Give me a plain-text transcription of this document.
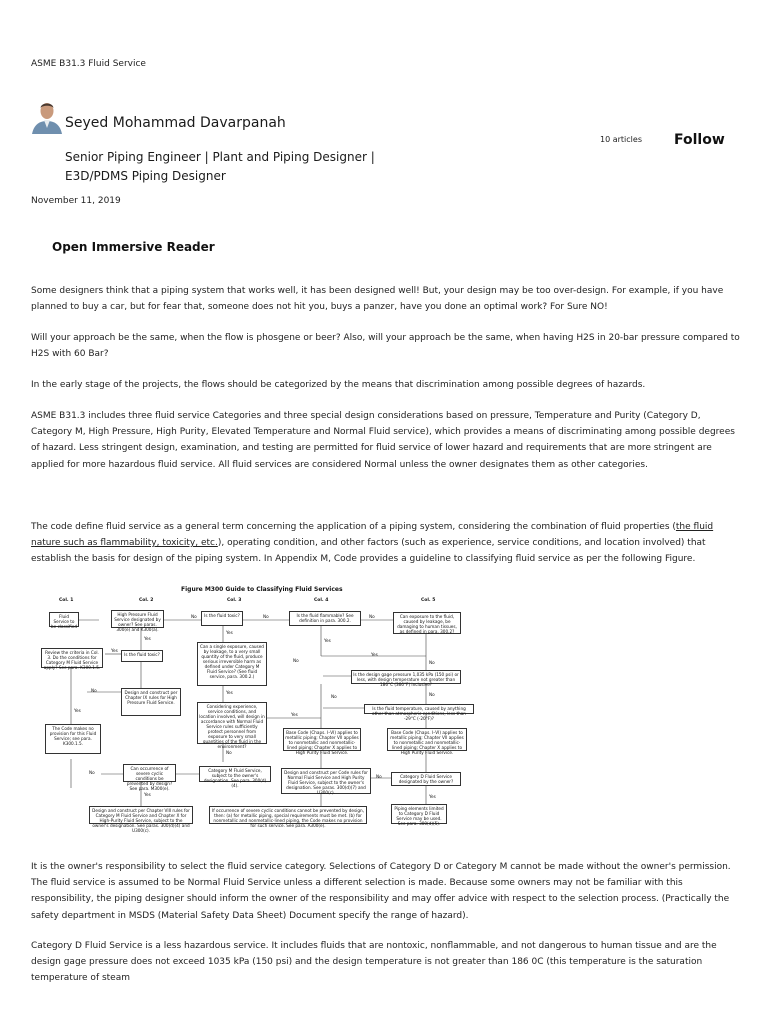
ASME B31.3 Fluid Service
Seyed Mohammad Davarpanah
10 articles Follow
Senior Piping Engineer | Plant and Piping Designer | E3D/PDMS Piping Designer
November 11, 2019
Open Immersive Reader

Some designers think that a piping system that works well, it has been designed well! But, your design may be too over-design. For example, if you have planned to buy a car, but for fear that, someone does not hit you, buys a panzer, have you done an optimal work? For Sure NO!

Will your approach be the same, when the flow is phosgene or beer? Also, will your approach be the same, when having H2S in 20-bar pressure compared to H2S with 60 Bar?

In the early stage of the projects, the flows should be categorized by the means that discrimination among possible degrees of hazards.

ASME B31.3 includes three fluid service Categories and three special design considerations based on pressure, Temperature and Purity (Category D, Category M, High Pressure, High Purity, Elevated Temperature and Normal Fluid service), which provides a means of discriminating among possible degrees of hazard. Less stringent design, examination, and testing are permitted for fluid service of lower hazard and requirements that are more stringent are applied for more hazardous fluid service. All fluid services are considered Normal unless the owner designates them as other categories.

The code define fluid service as a general term concerning the application of a piping system, considering the combination of fluid properties (the fluid nature such as flammability, toxicity, etc.), operating condition, and other factors (such as experience, service conditions, and location involved) that establish the basis for design of the piping system. In Appendix M, Code provides a guideline to classifying fluid service as per the following Figure.

Figure M300 Guide to Classifying Fluid Services
Col. 1	Col. 2	Col. 3	Col. 4	Col. 5
Fluid Service to be classified
High Pressure Fluid Service designated by owner? See paras. 300(e) and K300(a).
Is the fluid toxic?	Is the fluid flammable? See definition in para. 300.2.
Can exposure to the fluid, caused by leakage, be damaging to human tissues, as defined in para. 300.2?
Review the criteria in Col. 3. Do the conditions for Category M Fluid Service apply? See para. K300.1.5.
Is the fluid toxic?
Can a single exposure, caused by leakage, to a very small quantity of the fluid, produce serious irreversible harm as defined under Category M Fluid Service? (See fluid service, para. 300.2.)	Is the design gage pressure 1,035 kPa (150 psi) or less, with design temperature not greater than 186°C (366°F) inclusive?
Design and construct per Chapter IX rules for High Pressure Fluid Service.
Considering experience, service conditions, and location involved, will design in accordance with Normal Fluid Service rules sufficiently protect personnel from exposure to very small quantities of the fluid in the environment?
Is the fluid temperature, caused by anything other than atmospheric conditions, less than -29°C (-20°F)?
The Code makes no provision for this Fluid Service; see para. K300.1.5.
Base Code (Chaps. I–VI) applies to metallic piping; Chapter VII applies to nonmetallic and nonmetallic-lined piping; Chapter X applies to High Purity Fluid Service.
Base Code (Chaps. I–VI) applies to metallic piping; Chapter VII applies to nonmetallic and nonmetallic-lined piping; Chapter X applies to High Purity Fluid Service.
Can occurrence of severe cyclic conditions be prevented by design? See para. M300(e).
Category M Fluid Service, subject to the owner's designation. See para. 300(d)(4).
Design and construct per Code rules for Normal Fluid Service and High Purity Fluid Service, subject to the owner's designation. See paras. 300(d)(7) and U300(c).
Category D Fluid Service designated by the owner?
Design and construct per Chapter VIII rules for Category M Fluid Service and Chapter X for High-Purity Fluid Service, subject to the owner's designation. See paras. 300(d)(4) and U300(c).
If occurrence of severe cyclic conditions cannot be prevented by design, then: (a) for metallic piping, special requirements must be met. (b) for nonmetallic and nonmetallic-lined piping, the Code makes no provision for such service. See para. A300(e).
Piping elements limited to Category D Fluid Service may be used. See para. 300(d)(5).
No	No	No
Yes
Yes
Yes
Yes
Yes
No
No
No	Yes	No
Yes
Yes
No
No
No
No
Yes	Yes

It is the owner's responsibility to select the fluid service category. Selections of Category D or Category M cannot be made without the owner's permission. The fluid service is assumed to be Normal Fluid Service unless a different selection is made. Because some owners may not be familiar with this responsibility, the piping designer should inform the owner of the responsibility and may offer advice with respect to the selection process. (Practically the safety department in MSDS (Material Safety Data Sheet) Document specify the range of hazard).

Category D Fluid Service is a less hazardous service. It includes fluids that are nontoxic, nonflammable, and not dangerous to human tissue and are the design gage pressure does not exceed 1035 kPa (150 psi) and the design temperature is not greater than 186 0C (this temperature is the saturation temperature of steam
